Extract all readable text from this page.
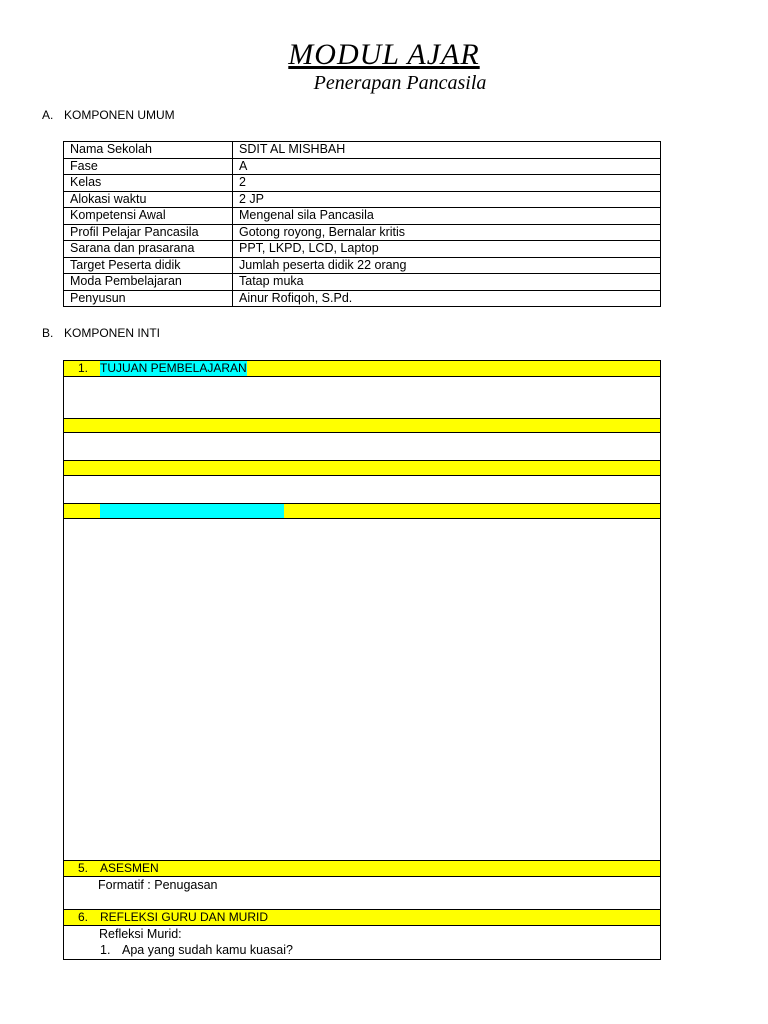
MODUL AJAR
Penerapan Pancasila
A. KOMPONEN UMUM
Nama Sekolah	SDIT AL MISHBAH
Fase	A
Kelas	2
Alokasi waktu	2 JP
Kompetensi Awal	Mengenal sila Pancasila
Profil Pelajar Pancasila	Gotong royong, Bernalar kritis
Sarana dan prasarana	PPT, LKPD, LCD, Laptop
Target Peserta didik	Jumlah peserta didik 22 orang
Moda Pembelajaran	Tatap muka
Penyusun	Ainur Rofiqoh, S.Pd.
B. KOMPONEN INTI
1. TUJUAN PEMBELAJARAN
5. ASESMEN
Formatif : Penugasan
6. REFLEKSI GURU DAN MURID
Refleksi Murid:
1. Apa yang sudah kamu kuasai?
